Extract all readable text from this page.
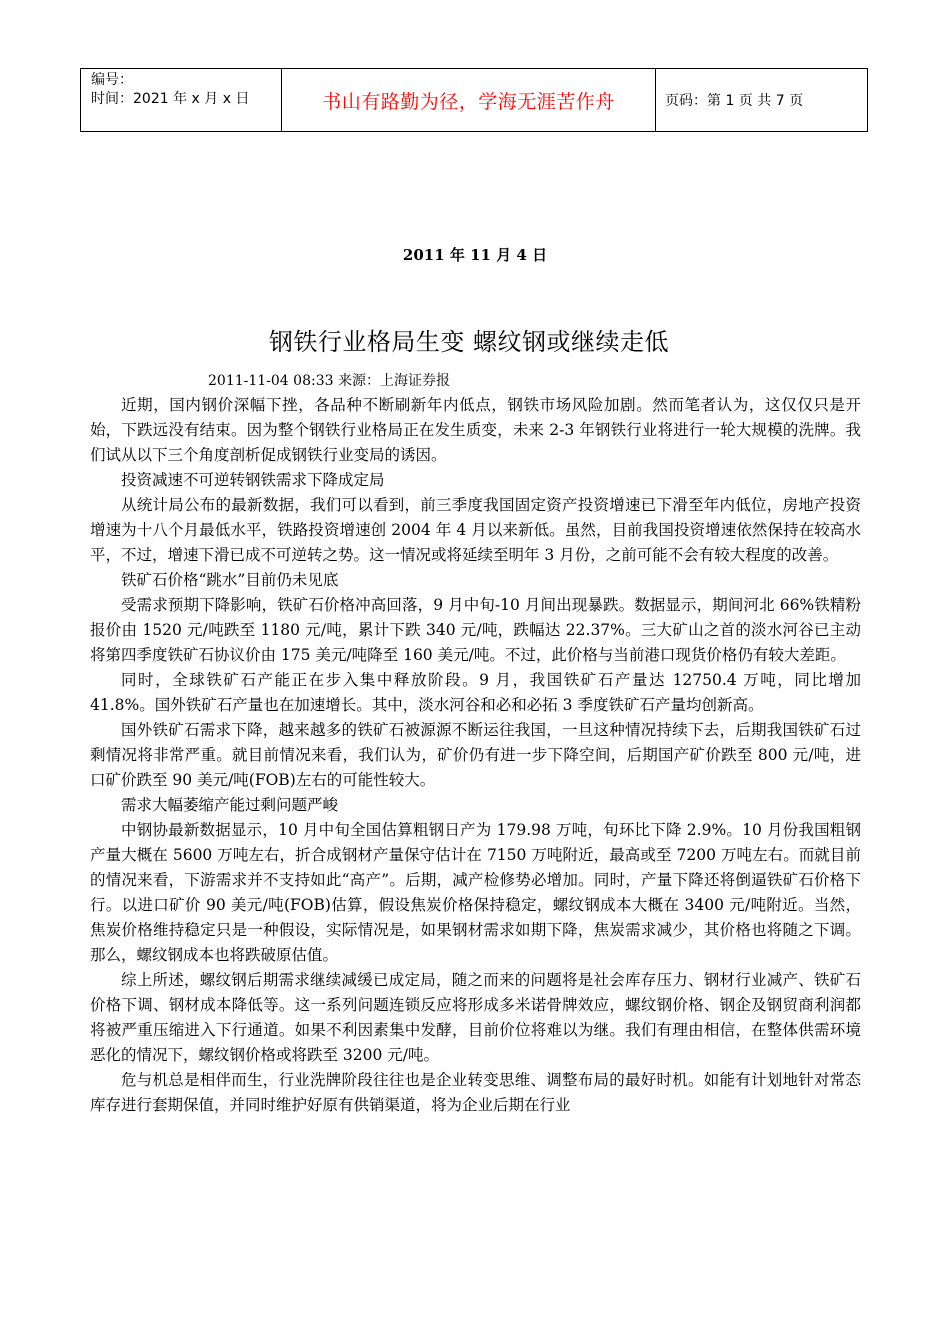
编号：
时间：2021 年 x 月 x 日	书山有路勤为径，学海无涯苦作舟	页码：第 1 页 共 7 页
2011 年 11 月 4 日
钢铁行业格局生变 螺纹钢或继续走低
2011-11-04 08:33 来源：上海证券报

近期，国内钢价深幅下挫，各品种不断刷新年内低点，钢铁市场风险加剧。然而笔者认为，这仅仅只是开始，下跌远没有结束。因为整个钢铁行业格局正在发生质变，未来 2-3 年钢铁行业将进行一轮大规模的洗牌。我们试从以下三个角度剖析促成钢铁行业变局的诱因。

投资减速不可逆转钢铁需求下降成定局

从统计局公布的最新数据，我们可以看到，前三季度我国固定资产投资增速已下滑至年内低位，房地产投资增速为十八个月最低水平，铁路投资增速创 2004 年 4 月以来新低。虽然，目前我国投资增速依然保持在较高水平，不过，增速下滑已成不可逆转之势。这一情况或将延续至明年 3 月份，之前可能不会有较大程度的改善。

铁矿石价格“跳水”目前仍未见底

受需求预期下降影响，铁矿石价格冲高回落，9 月中旬-10 月间出现暴跌。数据显示，期间河北 66%铁精粉报价由 1520 元/吨跌至 1180 元/吨，累计下跌 340 元/吨，跌幅达 22.37%。三大矿山之首的淡水河谷已主动将第四季度铁矿石协议价由 175 美元/吨降至 160 美元/吨。不过，此价格与当前港口现货价格仍有较大差距。

同时，全球铁矿石产能正在步入集中释放阶段。9 月，我国铁矿石产量达 12750.4 万吨，同比增加 41.8%。国外铁矿石产量也在加速增长。其中，淡水河谷和必和必拓 3 季度铁矿石产量均创新高。

国外铁矿石需求下降，越来越多的铁矿石被源源不断运往我国，一旦这种情况持续下去，后期我国铁矿石过剩情况将非常严重。就目前情况来看，我们认为，矿价仍有进一步下降空间，后期国产矿价跌至 800 元/吨，进口矿价跌至 90 美元/吨(FOB)左右的可能性较大。

需求大幅萎缩产能过剩问题严峻

中钢协最新数据显示，10 月中旬全国估算粗钢日产为 179.98 万吨，旬环比下降 2.9%。10 月份我国粗钢产量大概在 5600 万吨左右，折合成钢材产量保守估计在 7150 万吨附近，最高或至 7200 万吨左右。而就目前的情况来看，下游需求并不支持如此“高产”。后期，减产检修势必增加。同时，产量下降还将倒逼铁矿石价格下行。以进口矿价 90 美元/吨(FOB)估算，假设焦炭价格保持稳定，螺纹钢成本大概在 3400 元/吨附近。当然，焦炭价格维持稳定只是一种假设，实际情况是，如果钢材需求如期下降，焦炭需求减少，其价格也将随之下调。那么，螺纹钢成本也将跌破原估值。

综上所述，螺纹钢后期需求继续减缓已成定局，随之而来的问题将是社会库存压力、钢材行业减产、铁矿石价格下调、钢材成本降低等。这一系列问题连锁反应将形成多米诺骨牌效应，螺纹钢价格、钢企及钢贸商利润都将被严重压缩进入下行通道。如果不利因素集中发酵，目前价位将难以为继。我们有理由相信，在整体供需环境恶化的情况下，螺纹钢价格或将跌至 3200 元/吨。

危与机总是相伴而生，行业洗牌阶段往往也是企业转变思维、调整布局的最好时机。如能有计划地针对常态库存进行套期保值，并同时维护好原有供销渠道，将为企业后期在行业
